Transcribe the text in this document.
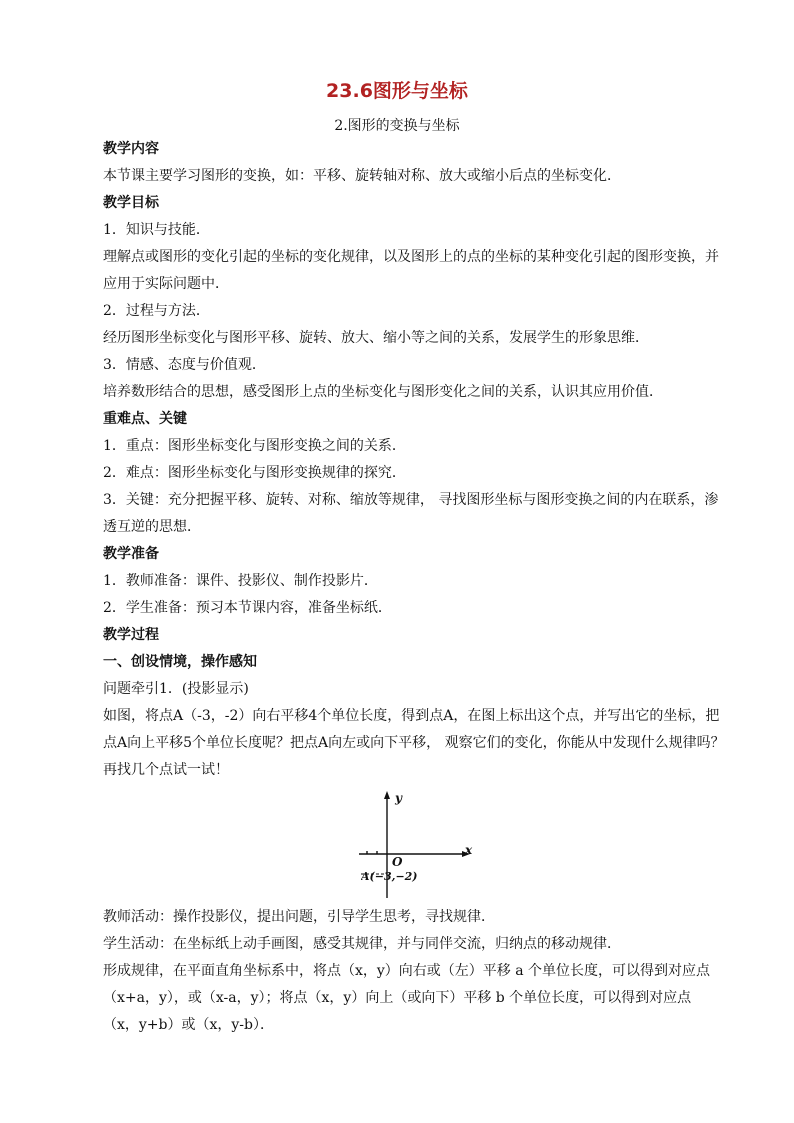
23.6图形与坐标
2.图形的变换与坐标

教学内容

本节课主要学习图形的变换，如：平移、旋转轴对称、放大或缩小后点的坐标变化．

教学目标

1．知识与技能．

理解点或图形的变化引起的坐标的变化规律，以及图形上的点的坐标的某种变化引起的图形变换，并应用于实际问题中．

2．过程与方法．

经历图形坐标变化与图形平移、旋转、放大、缩小等之间的关系，发展学生的形象思维．

3．情感、态度与价值观．

培养数形结合的思想，感受图形上点的坐标变化与图形变化之间的关系，认识其应用价值．

重难点、关键

1．重点：图形坐标变化与图形变换之间的关系．

2．难点：图形坐标变化与图形变换规律的探究．

3．关键：充分把握平移、旋转、对称、缩放等规律， 寻找图形坐标与图形变换之间的内在联系，渗透互逆的思想．

教学准备

1．教师准备：课件、投影仪、制作投影片．

2．学生准备：预习本节课内容，准备坐标纸．

教学过程

一、创设情境，操作感知

问题牵引1．(投影显示)

如图，将点A（-3，-2）向右平移4个单位长度，得到点A，在图上标出这个点，并写出它的坐标，把点A向上平移5个单位长度呢？把点A向左或向下平移， 观察它们的变化，你能从中发现什么规律吗？再找几个点试一试！

y
x
O
A(−3,−2)

教师活动：操作投影仪，提出问题，引导学生思考，寻找规律．

学生活动：在坐标纸上动手画图，感受其规律，并与同伴交流，归纳点的移动规律．

形成规律，在平面直角坐标系中，将点（x，y）向右或（左）平移 a 个单位长度，可以得到对应点（x+a，y），或（x-a，y）；将点（x，y）向上（或向下）平移 b 个单位长度，可以得到对应点（x，y+b）或（x，y-b）．
